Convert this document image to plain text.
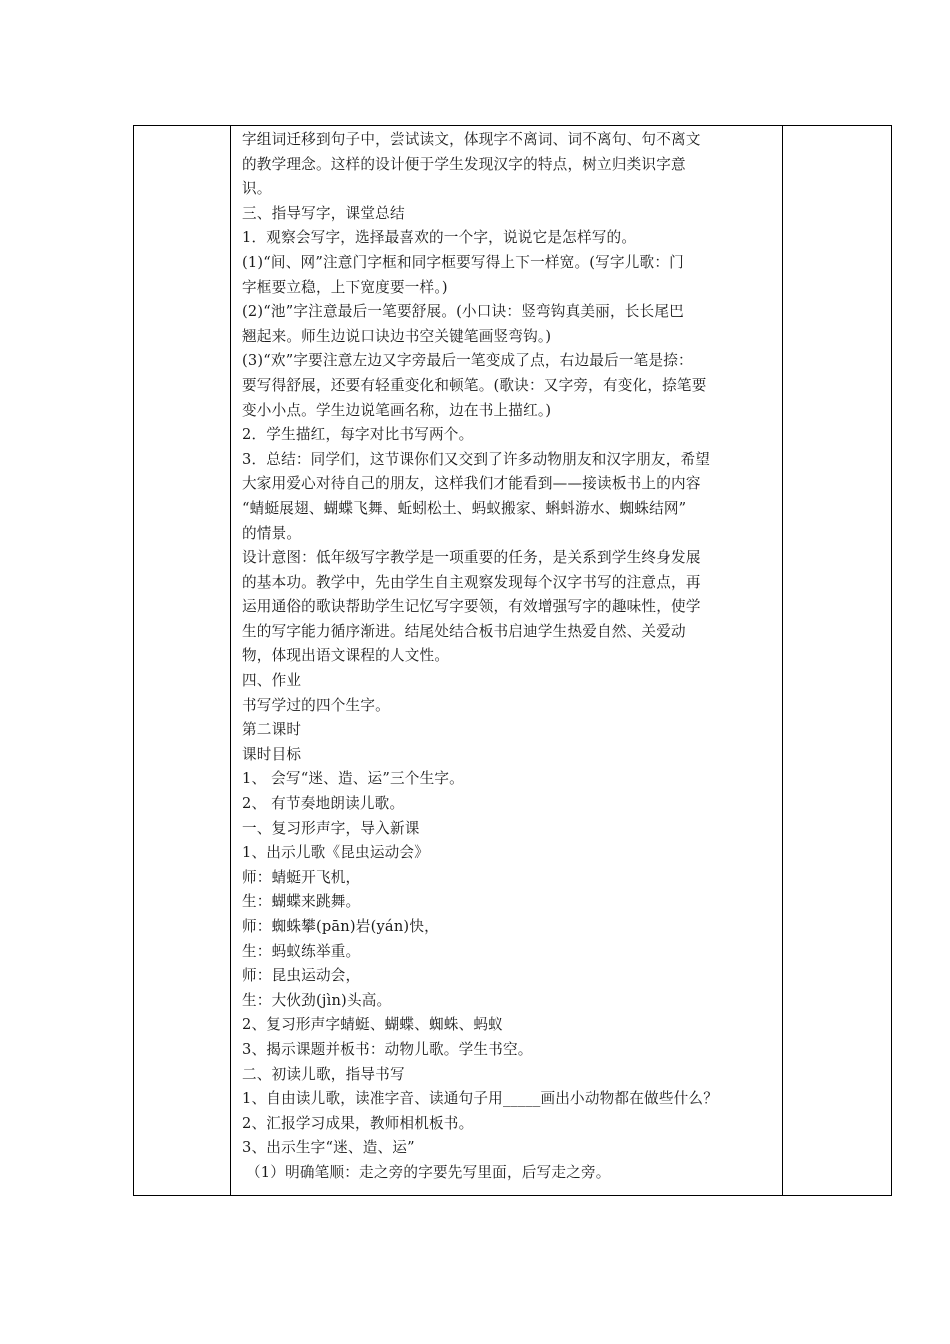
字组词迁移到句子中，尝试读文，体现字不离词、词不离句、句不离文
的教学理念。这样的设计便于学生发现汉字的特点，树立归类识字意
识。
三、指导写字，课堂总结
1．观察会写字，选择最喜欢的一个字，说说它是怎样写的。
(1)“间、网”注意门字框和同字框要写得上下一样宽。(写字儿歌：门
字框要立稳，上下宽度要一样。)
(2)“池”字注意最后一笔要舒展。(小口诀：竖弯钩真美丽，长长尾巴
翘起来。师生边说口诀边书空关键笔画竖弯钩。)
(3)“欢”字要注意左边又字旁最后一笔变成了点，右边最后一笔是捺：
要写得舒展，还要有轻重变化和顿笔。(歌诀：又字旁，有变化，捺笔要
变小小点。学生边说笔画名称，边在书上描红。)
2．学生描红，每字对比书写两个。
3．总结：同学们，这节课你们又交到了许多动物朋友和汉字朋友，希望
大家用爱心对待自己的朋友，这样我们才能看到——接读板书上的内容
“蜻蜓展翅、蝴蝶飞舞、蚯蚓松土、蚂蚁搬家、蝌蚪游水、蜘蛛结网”
的情景。
设计意图：低年级写字教学是一项重要的任务，是关系到学生终身发展
的基本功。教学中，先由学生自主观察发现每个汉字书写的注意点，再
运用通俗的歌诀帮助学生记忆写字要领，有效增强写字的趣味性，使学
生的写字能力循序渐进。结尾处结合板书启迪学生热爱自然、关爱动
物，体现出语文课程的人文性。
四、作业
书写学过的四个生字。
第二课时
课时目标
1、 会写“迷、造、运”三个生字。
2、 有节奏地朗读儿歌。
一、复习形声字，导入新课
1、出示儿歌《昆虫运动会》
师：蜻蜓开飞机，
生：蝴蝶来跳舞。
师：蜘蛛攀(pān)岩(yán)快，
生：蚂蚁练举重。
师：昆虫运动会，
生：大伙劲(jìn)头高。
2、复习形声字蜻蜓、蝴蝶、蜘蛛、蚂蚁
3、揭示课题并板书：动物儿歌。学生书空。
二、初读儿歌，指导书写
1、自由读儿歌，读准字音、读通句子用_____画出小动物都在做些什么？
2、汇报学习成果，教师相机板书。
3、出示生字“迷、造、运”
（1）明确笔顺：走之旁的字要先写里面，后写走之旁。
